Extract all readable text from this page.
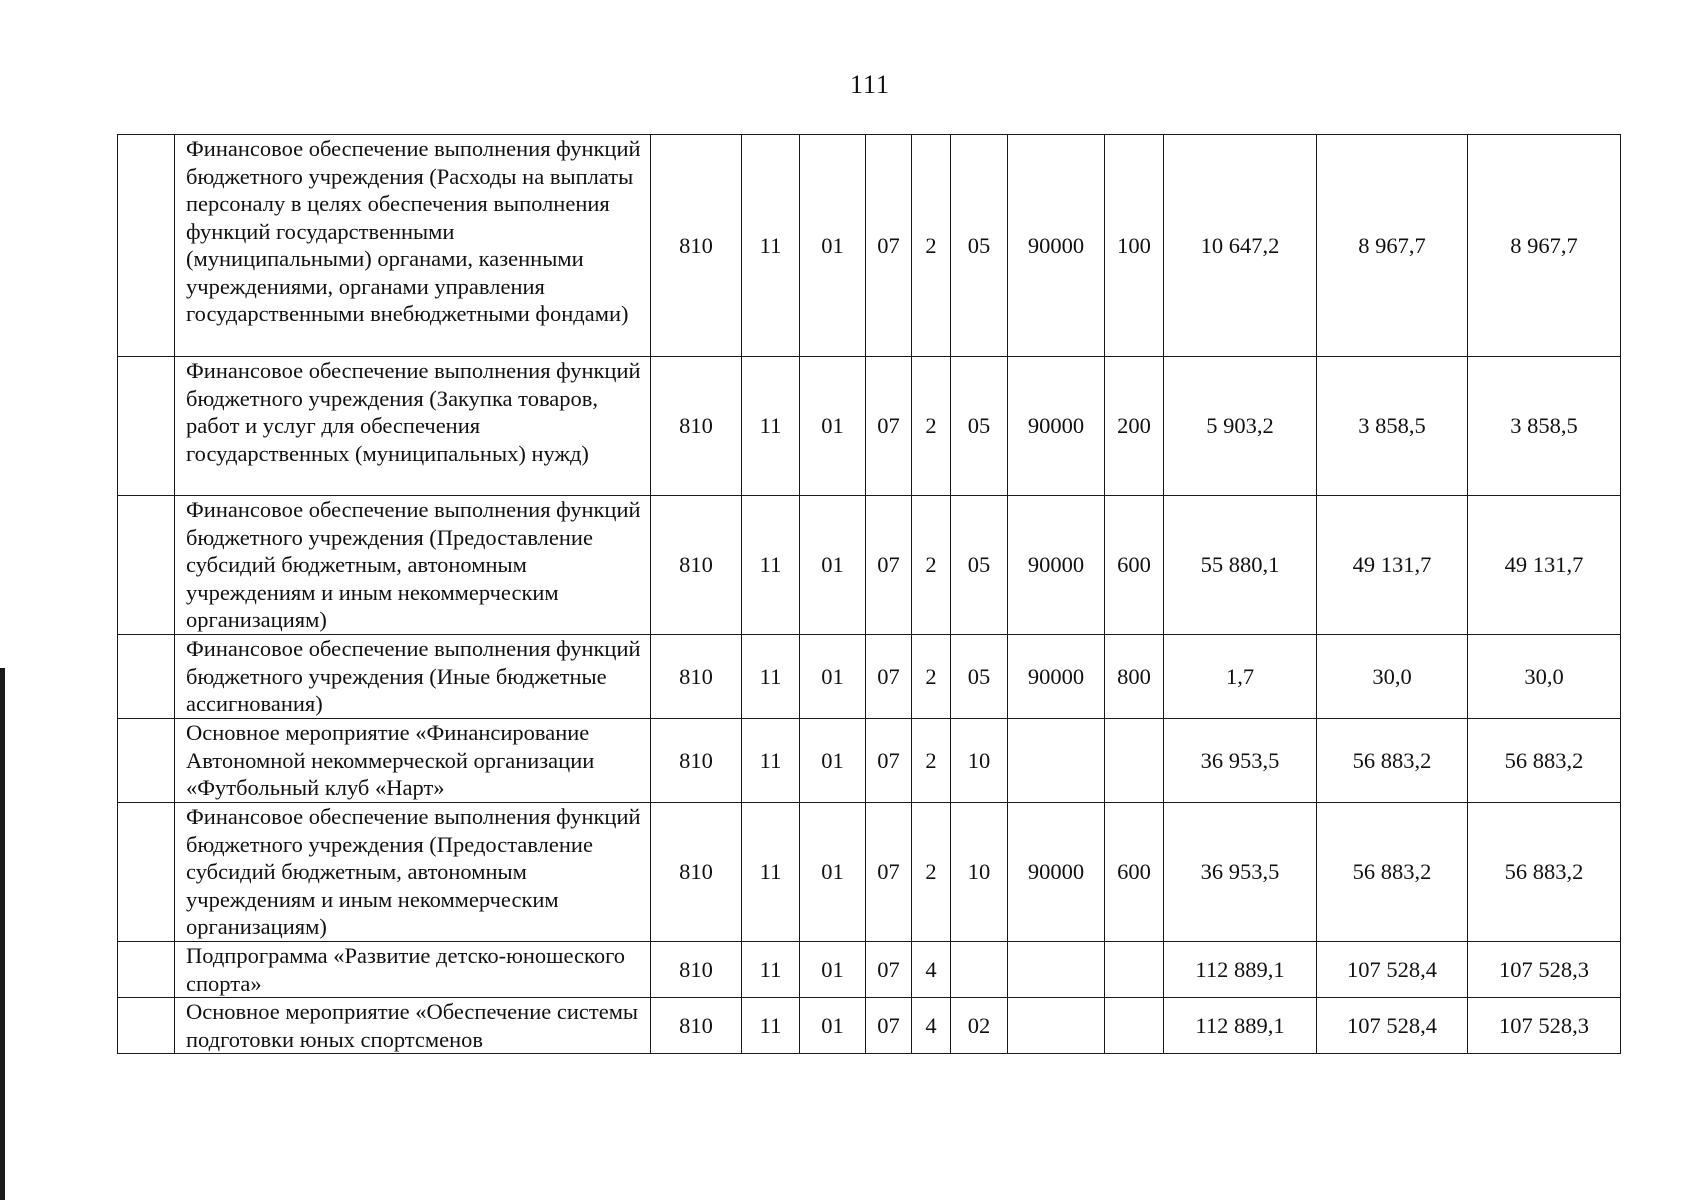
111
	Финансовое обеспечение выполнения функций бюджетного учреждения (Расходы на выплаты персоналу в целях обеспечения выполнения функций государственными (муниципальными) органами, казенными учреждениями, органами управления государственными внебюджетными фондами)	810	11	01	07	2	05	90000	100	10 647,2	8 967,7	8 967,7
	Финансовое обеспечение выполнения функций бюджетного учреждения (Закупка товаров, работ и услуг для обеспечения государственных (муниципальных) нужд)	810	11	01	07	2	05	90000	200	5 903,2	3 858,5	3 858,5
	Финансовое обеспечение выполнения функций бюджетного учреждения (Предоставление субсидий бюджетным, автономным учреждениям и иным некоммерческим организациям)	810	11	01	07	2	05	90000	600	55 880,1	49 131,7	49 131,7
	Финансовое обеспечение выполнения функций бюджетного учреждения (Иные бюджетные ассигнования)	810	11	01	07	2	05	90000	800	1,7	30,0	30,0
	Основное мероприятие «Финансирование Автономной некоммерческой организации «Футбольный клуб «Нарт»	810	11	01	07	2	10			36 953,5	56 883,2	56 883,2
	Финансовое обеспечение выполнения функций бюджетного учреждения (Предоставление субсидий бюджетным, автономным учреждениям и иным некоммерческим организациям)	810	11	01	07	2	10	90000	600	36 953,5	56 883,2	56 883,2
	Подпрограмма «Развитие детско-юношеского спорта»	810	11	01	07	4				112 889,1	107 528,4	107 528,3
	Основное мероприятие «Обеспечение системы подготовки юных спортсменов	810	11	01	07	4	02			112 889,1	107 528,4	107 528,3
